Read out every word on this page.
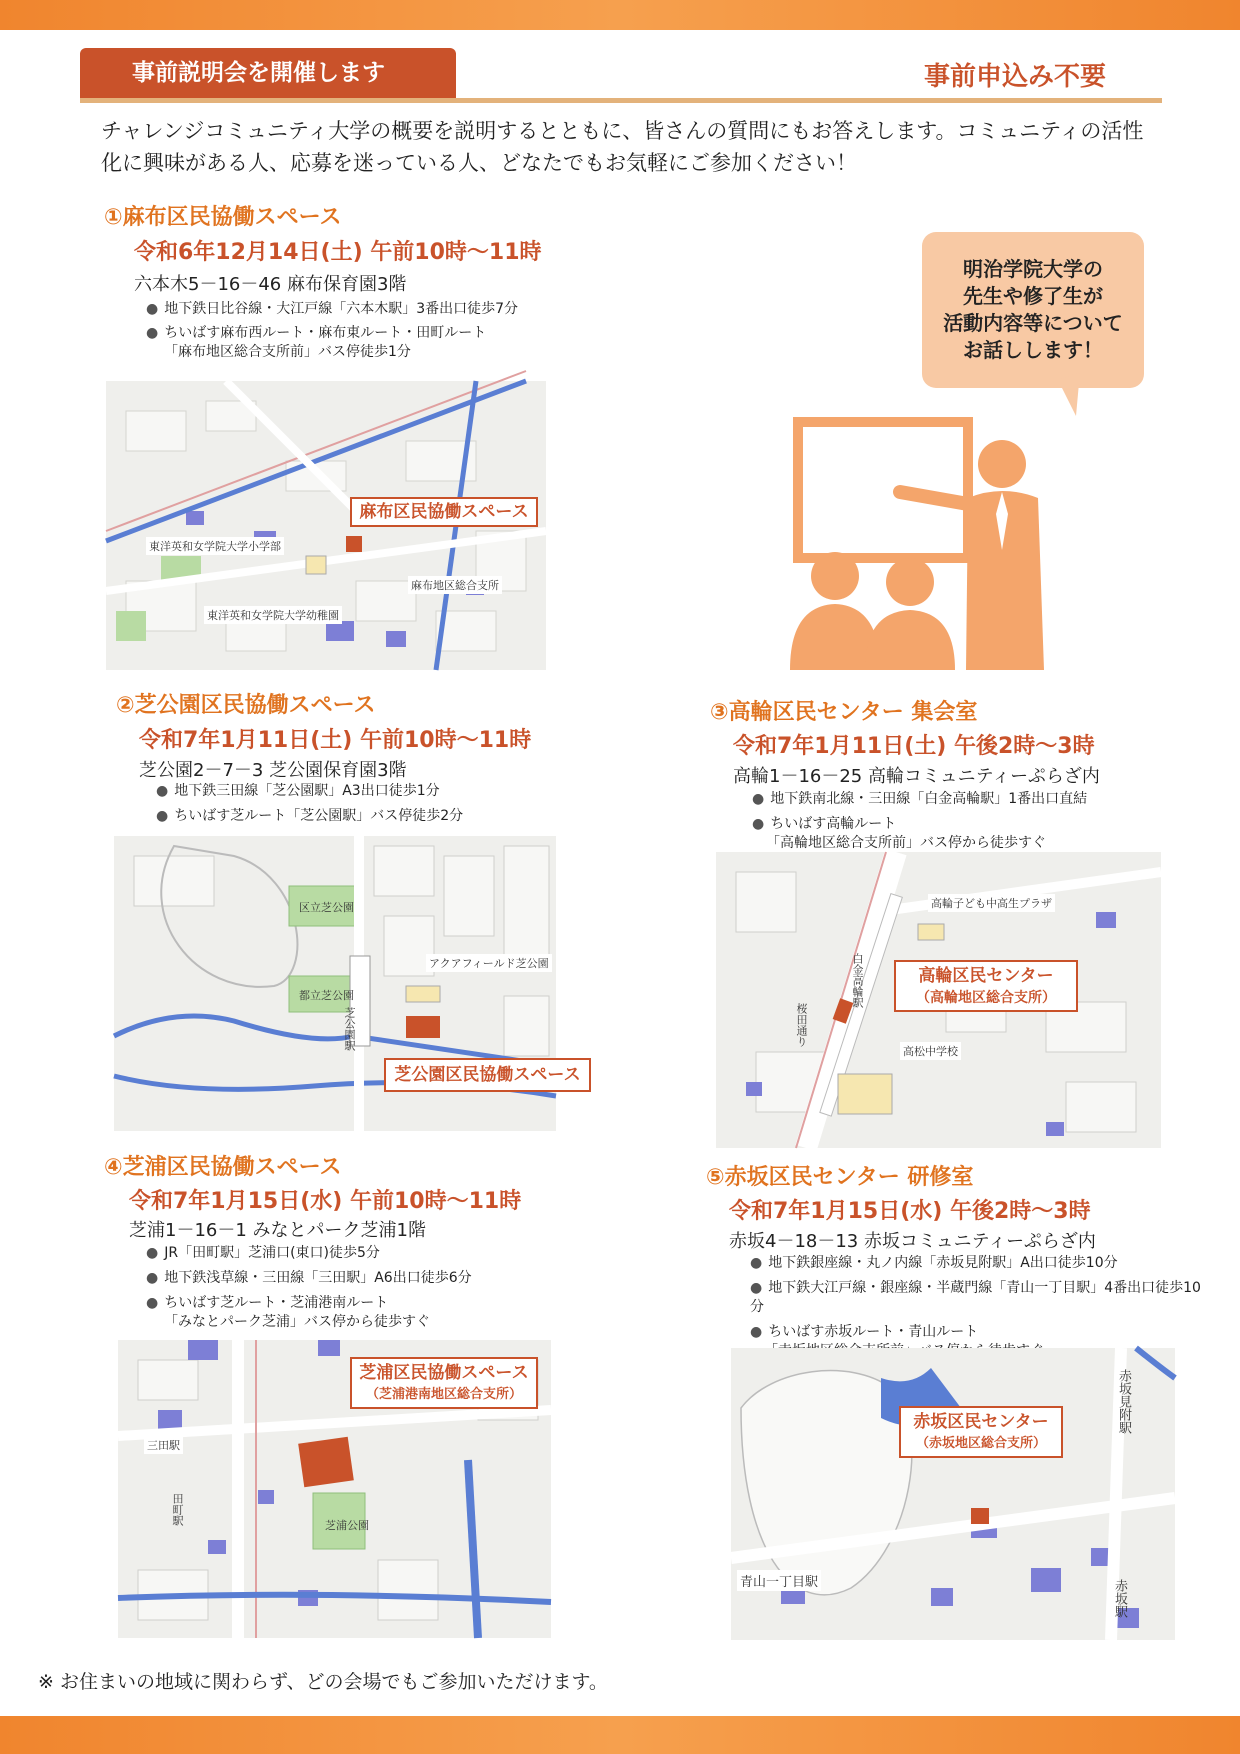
事前説明会を開催します	事前申込み不要
チャレンジコミュニティ大学の概要を説明するとともに、皆さんの質問にもお答えします。コミュニティの活性化に興味がある人、応募を迷っている人、どなたでもお気軽にご参加ください！
①麻布区民協働スペース
令和6年12月14日(土) 午前10時～11時
六本木5－16－46 麻布保育園3階
● 地下鉄日比谷線・大江戸線「六本木駅」3番出口徒歩7分
● ちいばす麻布西ルート・麻布東ルート・田町ルート
「麻布地区総合支所前」バス停徒歩1分
東洋英和女学院大学小学部
東洋英和女学院大学幼稚園
麻布地区総合支所
麻布区民協働スペース
明治学院大学の
先生や修了生が
活動内容等について
お話しします！
②芝公園区民協働スペース
令和7年1月11日(土) 午前10時～11時
芝公園2－7－3 芝公園保育園3階
● 地下鉄三田線「芝公園駅」A3出口徒歩1分
● ちいばす芝ルート「芝公園駅」バス停徒歩2分
区立芝公園
都立芝公園
アクアフィールド芝公園
芝公園駅
芝公園区民協働スペース
③高輪区民センター 集会室
令和7年1月11日(土) 午後2時～3時
高輪1－16－25 高輪コミュニティーぷらざ内
● 地下鉄南北線・三田線「白金高輪駅」1番出口直結
● ちいばす高輪ルート
「高輪地区総合支所前」バス停から徒歩すぐ
高輪子ども中高生プラザ
高松中学校
白金高輪駅
桜田通り
高輪区民センター
（高輪地区総合支所）
④芝浦区民協働スペース
令和7年1月15日(水) 午前10時～11時
芝浦1－16－1 みなとパーク芝浦1階
● JR「田町駅」芝浦口(東口)徒歩5分
● 地下鉄浅草線・三田線「三田駅」A6出口徒歩6分
● ちいばす芝ルート・芝浦港南ルート
「みなとパーク芝浦」バス停から徒歩すぐ
三田駅
田町駅	芝浦公園
芝浦区民協働スペース
（芝浦港南地区総合支所）
⑤赤坂区民センター 研修室
令和7年1月15日(水) 午後2時～3時
赤坂4－18－13 赤坂コミュニティーぷらざ内
● 地下鉄銀座線・丸ノ内線「赤坂見附駅」A出口徒歩10分
● 地下鉄大江戸線・銀座線・半蔵門線「青山一丁目駅」4番出口徒歩10分
● ちいばす赤坂ルート・青山ルート
赤坂見附駅
青山一丁目駅	赤坂駅
赤坂区民センター
（赤坂地区総合支所）
※ お住まいの地域に関わらず、どの会場でもご参加いただけます。
